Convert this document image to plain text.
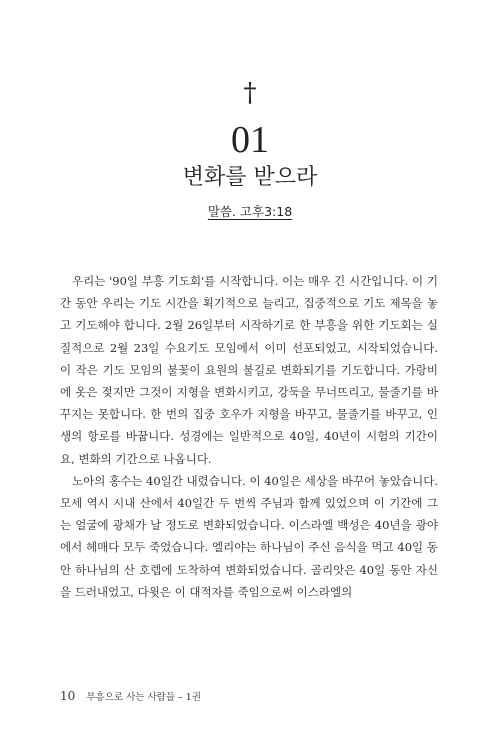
†
01
변화를 받으라
말씀. 고후3:18

우리는 '90일 부흥 기도회'를 시작합니다. 이는 매우 긴 시간입니다. 이 기간 동안 우리는 기도 시간을 획기적으로 늘리고, 집중적으로 기도 제목을 놓고 기도해야 합니다. 2월 26일부터 시작하기로 한 부흥을 위한 기도회는 실질적으로 2월 23일 수요기도 모임에서 이미 선포되었고, 시작되었습니다. 이 작은 기도 모임의 불꽃이 요원의 불길로 변화되기를 기도합니다. 가랑비에 옷은 젖지만 그것이 지형을 변화시키고, 강둑을 무너뜨리고, 물줄기를 바꾸지는 못합니다. 한 번의 집중 호우가 지형을 바꾸고, 물줄기를 바꾸고, 인생의 항로를 바꿉니다. 성경에는 일반적으로 40일, 40년이 시험의 기간이요, 변화의 기간으로 나옵니다.

노아의 홍수는 40일간 내렸습니다. 이 40일은 세상을 바꾸어 놓았습니다. 모세 역시 시내 산에서 40일간 두 번씩 주님과 함께 있었으며 이 기간에 그는 얼굴에 광채가 날 정도로 변화되었습니다. 이스라엘 백성은 40년을 광야에서 헤매다 모두 죽었습니다. 엘리야는 하나님이 주신 음식을 먹고 40일 동안 하나님의 산 호렙에 도착하여 변화되었습니다. 골리앗은 40일 동안 자신을 드러내었고, 다윗은 이 대적자를 죽임으로써 이스라엘의

10 부흥으로 사는 사람들 – 1권
